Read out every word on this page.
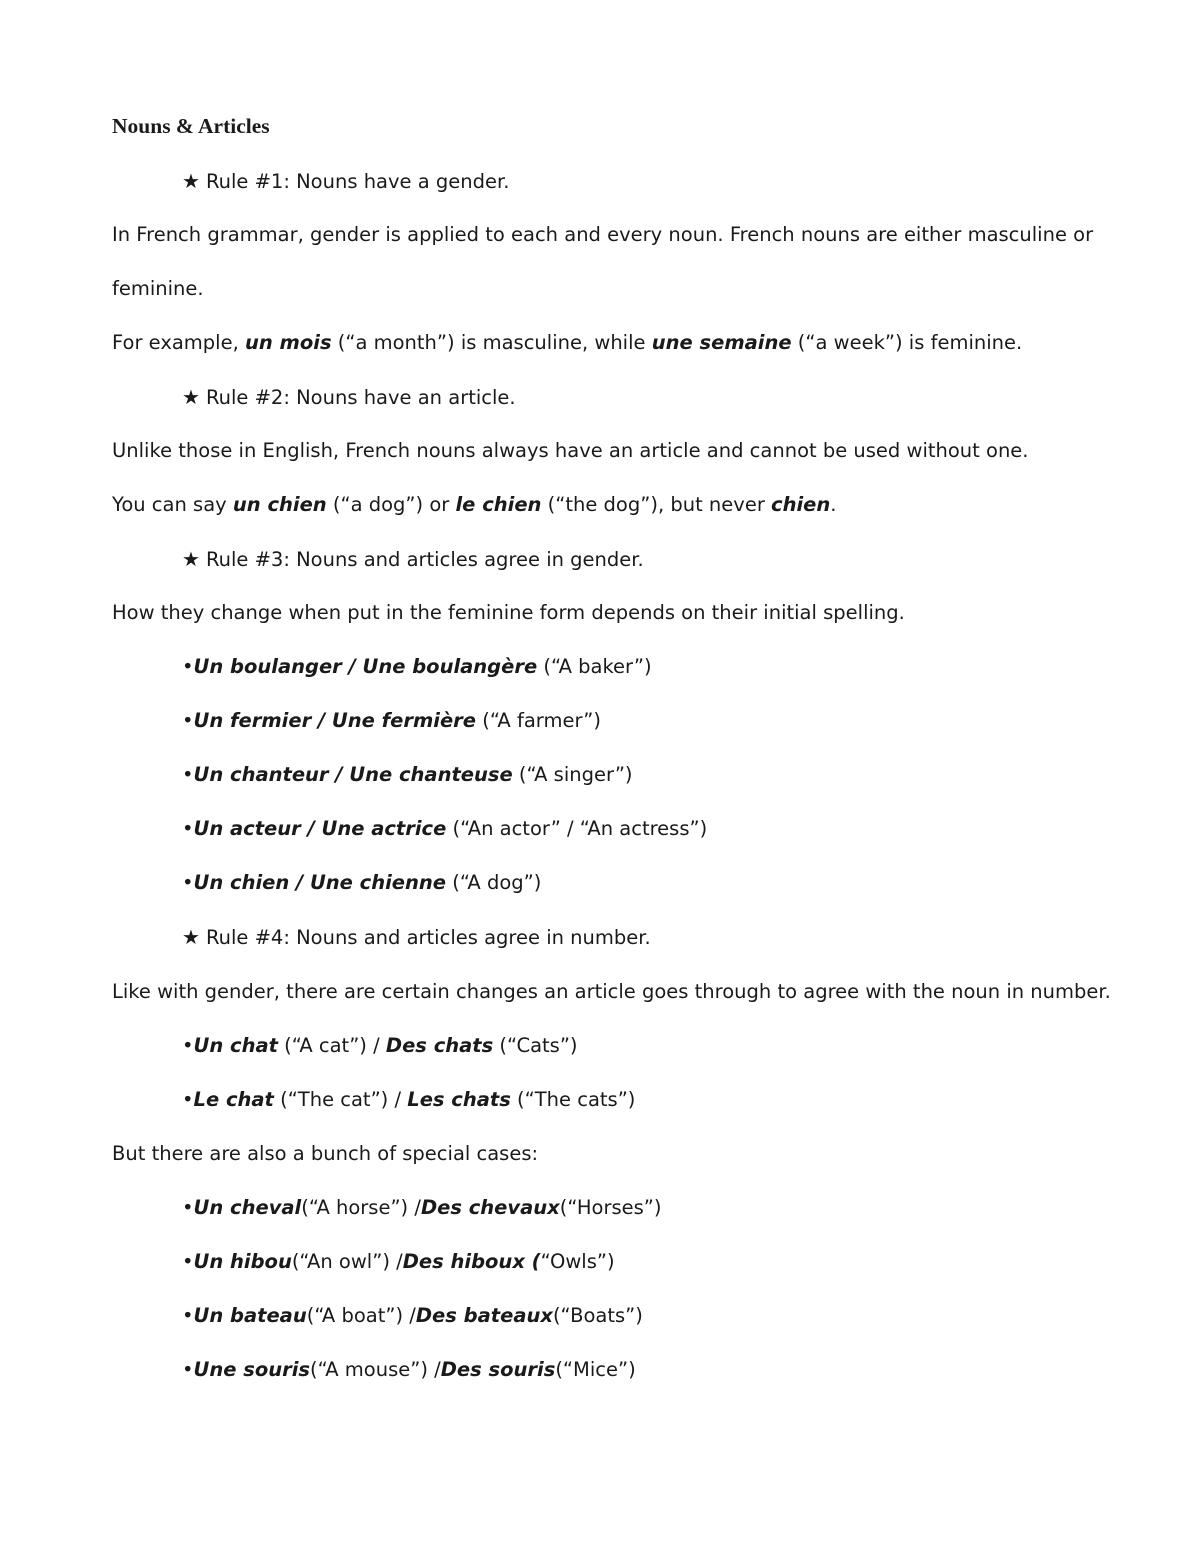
Nouns & Articles
★ Rule #1: Nouns have a gender.
In French grammar, gender is applied to each and every noun. French nouns are either masculine or
feminine.
For example, un mois (“a month”) is masculine, while une semaine (“a week”) is feminine.
★ Rule #2: Nouns have an article.
Unlike those in English, French nouns always have an article and cannot be used without one.
You can say un chien (“a dog”) or le chien (“the dog”), but never chien.
★ Rule #3: Nouns and articles agree in gender.
How they change when put in the feminine form depends on their initial spelling.
•Un boulanger / Une boulangère (“A baker”)
•Un fermier / Une fermière (“A farmer”)
•Un chanteur / Une chanteuse (“A singer”)
•Un acteur / Une actrice (“An actor” / “An actress”)
•Un chien / Une chienne (“A dog”)
★ Rule #4: Nouns and articles agree in number.
Like with gender, there are certain changes an article goes through to agree with the noun in number.
•Un chat (“A cat”) / Des chats (“Cats”)
•Le chat (“The cat”) / Les chats (“The cats”)
But there are also a bunch of special cases:
•Un cheval(“A horse”) /Des chevaux(“Horses”)
•Un hibou(“An owl”) /Des hiboux (“Owls”)
•Un bateau(“A boat”) /Des bateaux(“Boats”)
•Une souris(“A mouse”) /Des souris(“Mice”)
